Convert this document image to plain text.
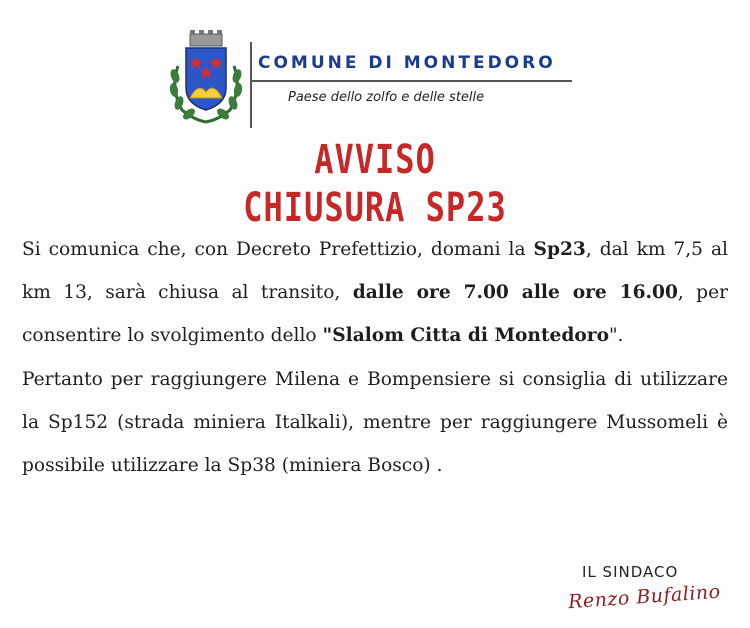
COMUNE DI MONTEDORO
Paese dello zolfo e delle stelle
AVVISO
CHIUSURA SP23

Si comunica che, con Decreto Prefettizio, domani la Sp23, dal km 7,5 al km 13, sarà chiusa al transito, dalle ore 7.00 alle ore 16.00, per consentire lo svolgimento dello "Slalom Citta di Montedoro".

Pertanto per raggiungere Milena e Bompensiere si consiglia di utilizzare la Sp152 (strada miniera Italkali), mentre per raggiungere Mussomeli è possibile utilizzare la Sp38 (miniera Bosco) .

IL SINDACO
Renzo Bufalino
